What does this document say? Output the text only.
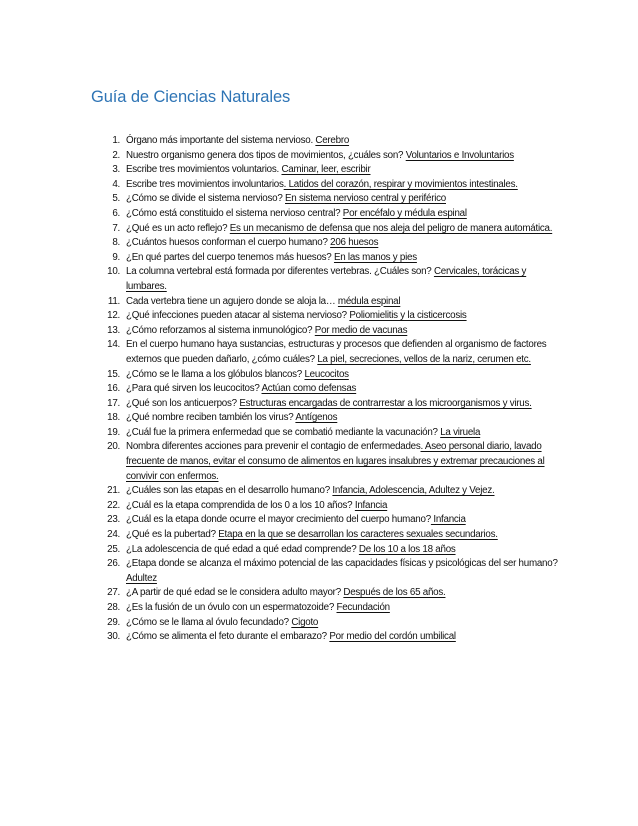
Guía de Ciencias Naturales
1. Órgano más importante del sistema nervioso. Cerebro
2. Nuestro organismo genera dos tipos de movimientos, ¿cuáles son? Voluntarios e Involuntarios
3. Escribe tres movimientos voluntarios. Caminar, leer, escribir
4. Escribe tres movimientos involuntarios. Latidos del corazón, respirar y movimientos intestinales.
5. ¿Cómo se divide el sistema nervioso? En sistema nervioso central y periférico
6. ¿Cómo está constituido el sistema nervioso central? Por encéfalo y médula espinal
7. ¿Qué es un acto reflejo? Es un mecanismo de defensa que nos aleja del peligro de manera automática.
8. ¿Cuántos huesos conforman el cuerpo humano? 206 huesos
9. ¿En qué partes del cuerpo tenemos más huesos? En las manos y pies
10. La columna vertebral está formada por diferentes vertebras. ¿Cuáles son? Cervicales, torácicas y lumbares.
11. Cada vertebra tiene un agujero donde se aloja la… médula espinal
12. ¿Qué infecciones pueden atacar al sistema nervioso? Poliomielitis y la cisticercosis
13. ¿Cómo reforzamos al sistema inmunológico? Por medio de vacunas
14. En el cuerpo humano haya sustancias, estructuras y procesos que defienden al organismo de factores externos que pueden dañarlo, ¿cómo cuáles? La piel, secreciones, vellos de la nariz, cerumen etc.
15. ¿Cómo se le llama a los glóbulos blancos? Leucocitos
16. ¿Para qué sirven los leucocitos? Actúan como defensas
17. ¿Qué son los anticuerpos? Estructuras encargadas de contrarrestar a los microorganismos y virus.
18. ¿Qué nombre reciben también los virus? Antígenos
19. ¿Cuál fue la primera enfermedad que se combatió mediante la vacunación? La viruela
20. Nombra diferentes acciones para prevenir el contagio de enfermedades. Aseo personal diario, lavado frecuente de manos, evitar el consumo de alimentos en lugares insalubres y extremar precauciones al convivir con enfermos.
21. ¿Cuáles son las etapas en el desarrollo humano? Infancia, Adolescencia, Adultez y Vejez.
22. ¿Cuál es la etapa comprendida de los 0 a los 10 años? Infancia
23. ¿Cuál es la etapa donde ocurre el mayor crecimiento del cuerpo humano? Infancia
24. ¿Qué es la pubertad? Etapa en la que se desarrollan los caracteres sexuales secundarios.
25. ¿La adolescencia de qué edad a qué edad comprende? De los 10 a los 18 años
26. ¿Etapa donde se alcanza el máximo potencial de las capacidades físicas y psicológicas del ser humano? Adultez
27. ¿A partir de qué edad se le considera adulto mayor? Después de los 65 años.
28. ¿Es la fusión de un óvulo con un espermatozoide? Fecundación
29. ¿Cómo se le llama al óvulo fecundado? Cigoto
30. ¿Cómo se alimenta el feto durante el embarazo? Por medio del cordón umbilical
